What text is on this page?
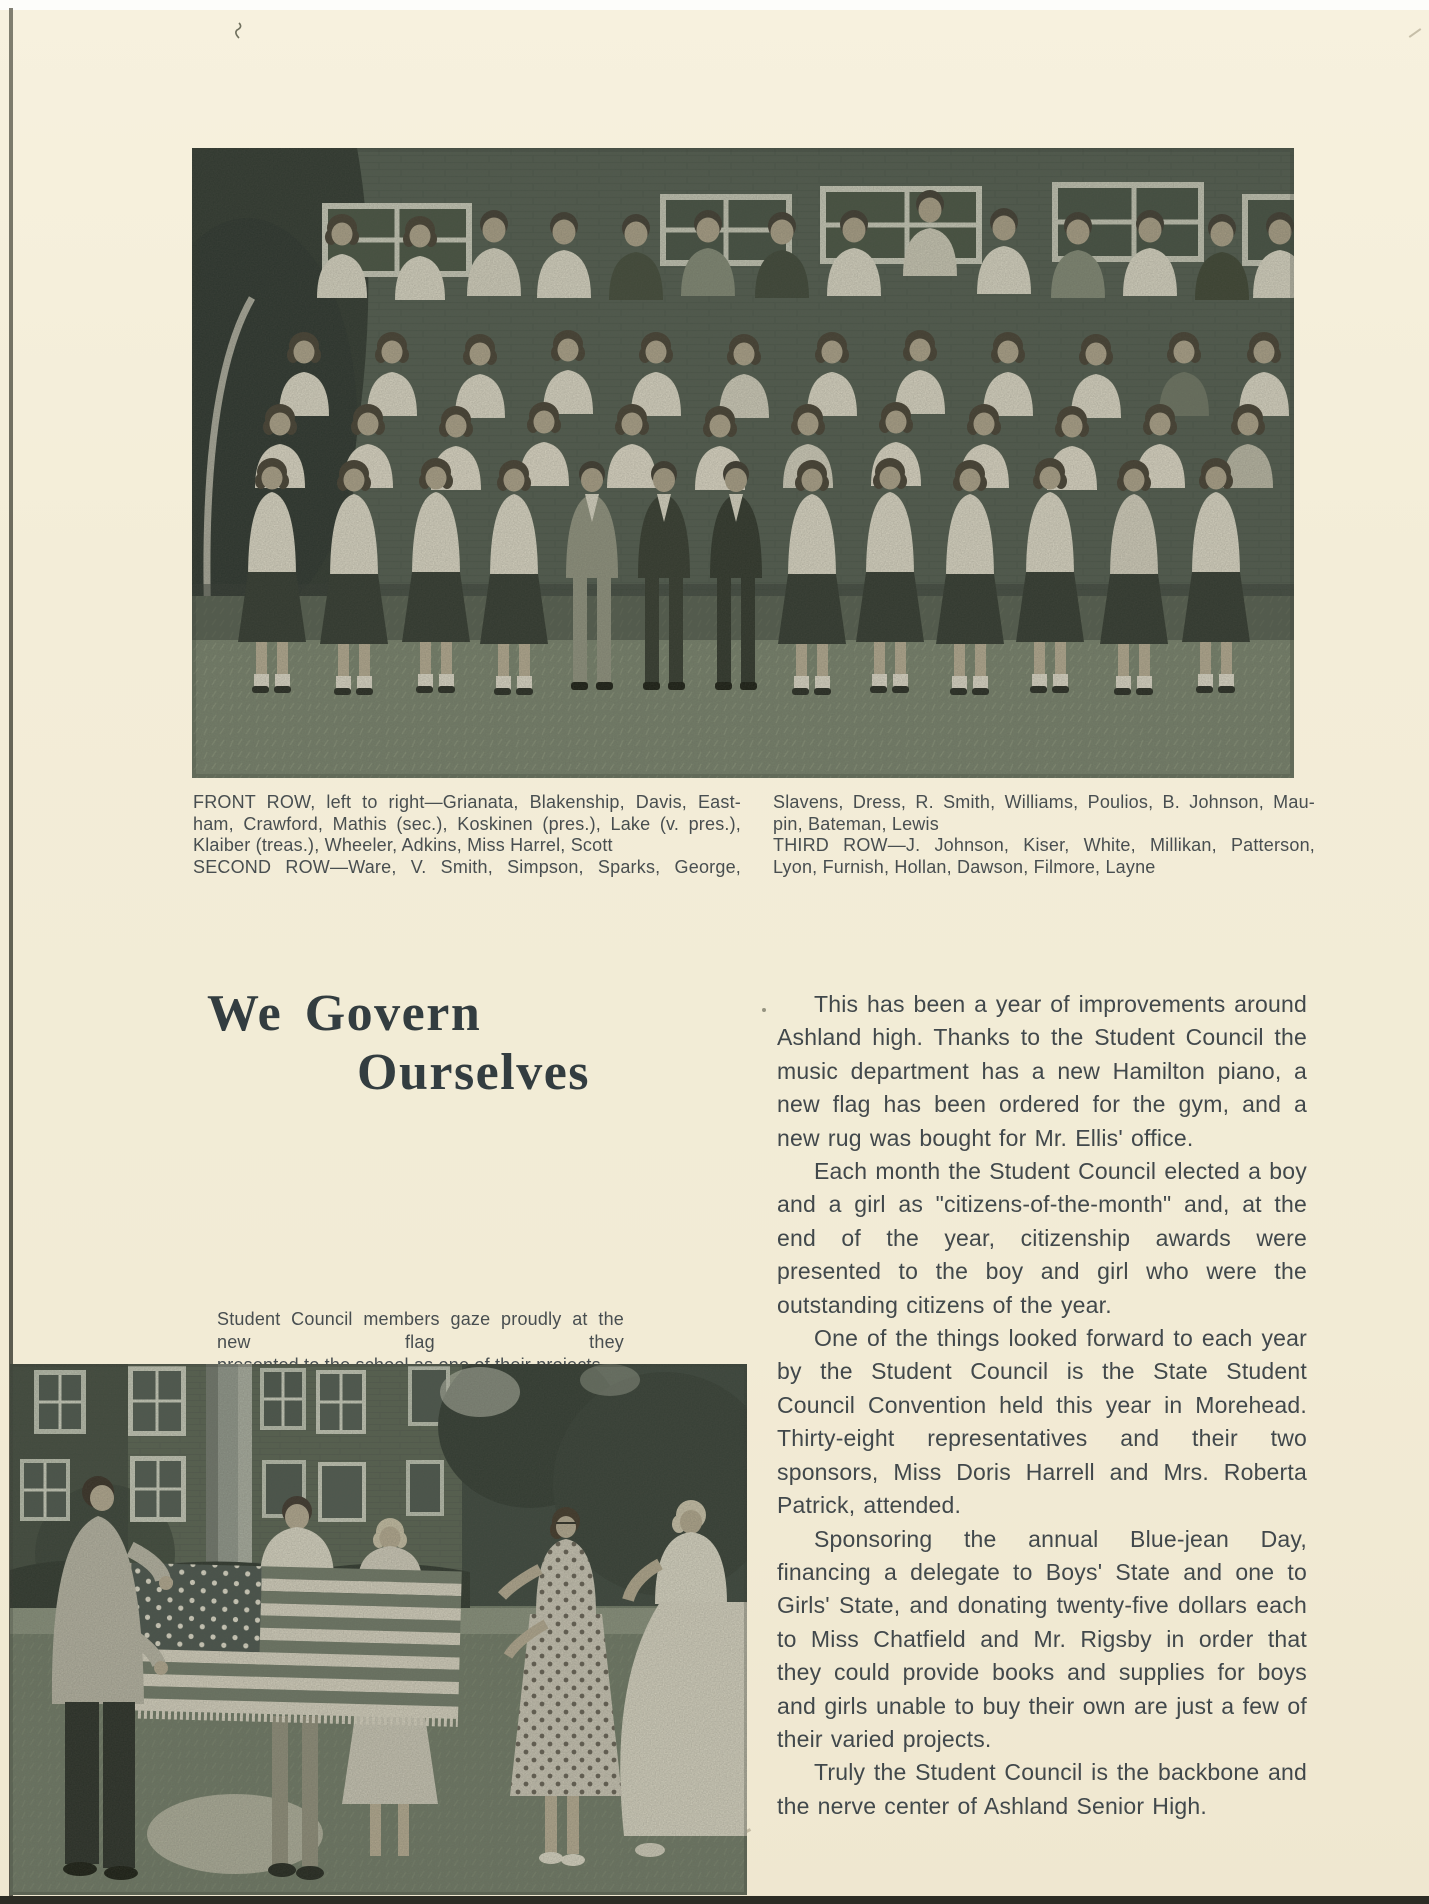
FRONT ROW, left to right—Grianata, Blakenship, Davis, East-
ham, Crawford, Mathis (sec.), Koskinen (pres.), Lake (v. pres.),
Klaiber (treas.), Wheeler, Adkins, Miss Harrel, Scott
SECOND ROW—Ware, V. Smith, Simpson, Sparks, George,
Slavens, Dress, R. Smith, Williams, Poulios, B. Johnson, Mau-
pin, Bateman, Lewis
THIRD ROW—J. Johnson, Kiser, White, Millikan, Patterson,
Lyon, Furnish, Hollan, Dawson, Filmore, Layne
We Govern
Ourselves
Student Council members gaze proudly at the new flag they

This has been a year of improvements around Ashland high. Thanks to the Student Council the music department has a new Hamilton piano, a new flag has been ordered for the gym, and a new rug was bought for Mr. Ellis' office.

Each month the Student Council elected a boy and a girl as "citizens-of-the-month" and, at the end of the year, citizenship awards were presented to the boy and girl who were the outstanding citizens of the year.

One of the things looked forward to each year by the Student Council is the State Student Council Convention held this year in Morehead. Thirty-eight representatives and their two sponsors, Miss Doris Harrell and Mrs. Roberta Patrick, attended.

Sponsoring the annual Blue-jean Day, financing a delegate to Boys' State and one to Girls' State, and donating twenty-five dollars each to Miss Chatfield and Mr. Rigsby in order that they could provide books and supplies for boys and girls unable to buy their own are just a few of their varied projects.

Truly the Student Council is the backbone and the nerve center of Ashland Senior High.
